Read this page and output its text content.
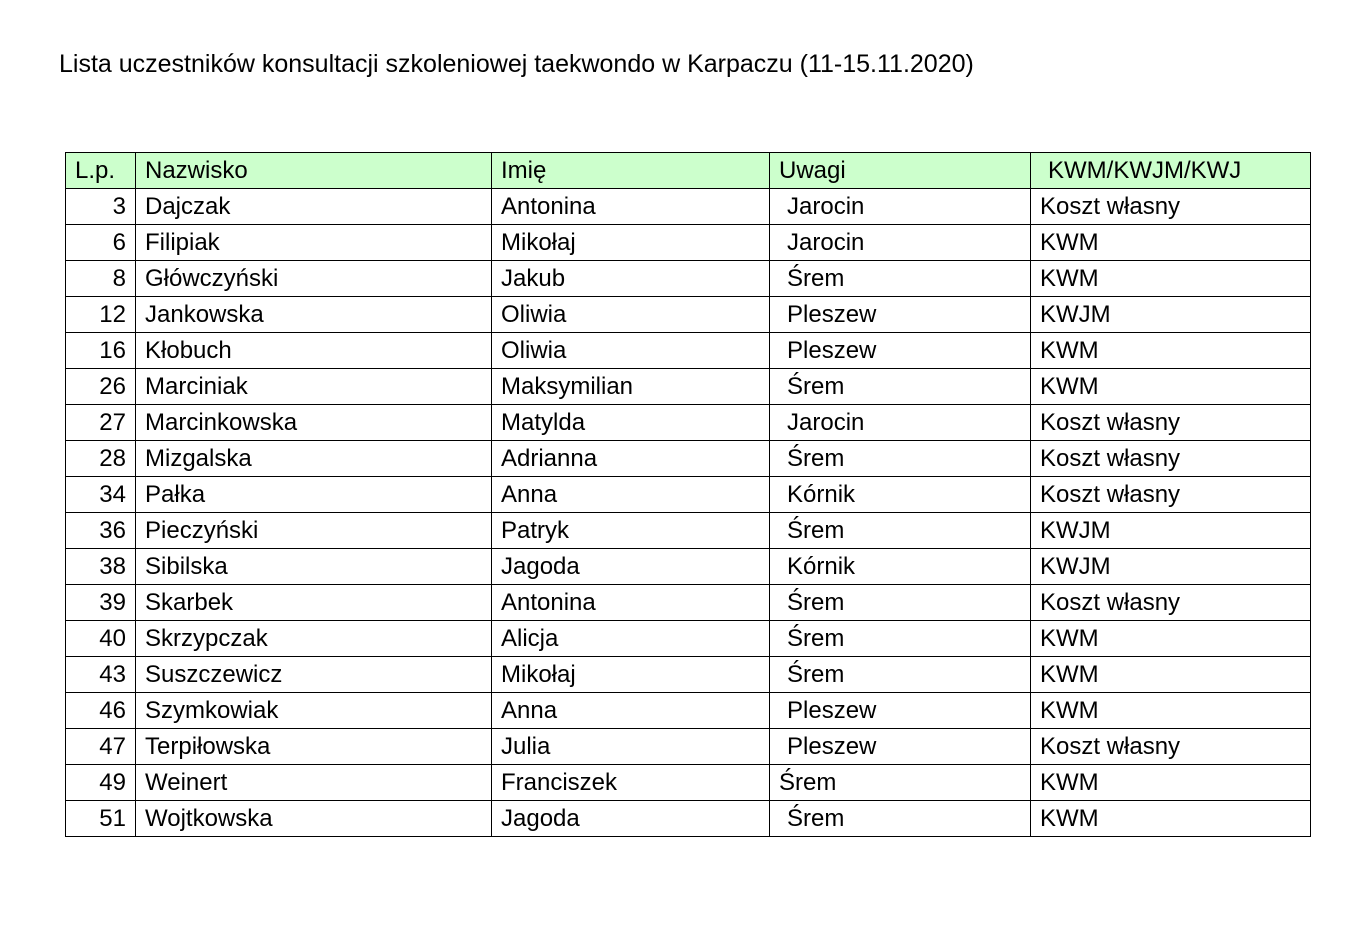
Lista uczestników konsultacji szkoleniowej taekwondo w Karpaczu (11-15.11.2020)
L.p.	Nazwisko	Imię	Uwagi	KWM/KWJM/KWJ
3	Dajczak	Antonina	Jarocin	Koszt własny
6	Filipiak	Mikołaj	Jarocin	KWM
8	Główczyński	Jakub	Śrem	KWM
12	Jankowska	Oliwia	Pleszew	KWJM
16	Kłobuch	Oliwia	Pleszew	KWM
26	Marciniak	Maksymilian	Śrem	KWM
27	Marcinkowska	Matylda	Jarocin	Koszt własny
28	Mizgalska	Adrianna	Śrem	Koszt własny
34	Pałka	Anna	Kórnik	Koszt własny
36	Pieczyński	Patryk	Śrem	KWJM
38	Sibilska	Jagoda	Kórnik	KWJM
39	Skarbek	Antonina	Śrem	Koszt własny
40	Skrzypczak	Alicja	Śrem	KWM
43	Suszczewicz	Mikołaj	Śrem	KWM
46	Szymkowiak	Anna	Pleszew	KWM
47	Terpiłowska	Julia	Pleszew	Koszt własny
49	Weinert	Franciszek	Śrem	KWM
51	Wojtkowska	Jagoda	Śrem	KWM
